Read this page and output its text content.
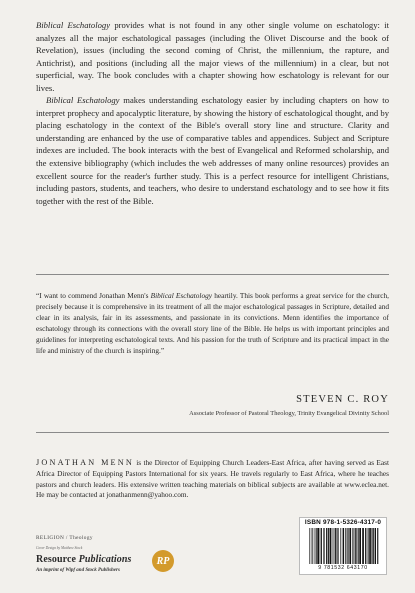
Biblical Eschatology provides what is not found in any other single volume on eschatology: it analyzes all the major eschatological passages (including the Olivet Discourse and the book of Revelation), issues (including the second coming of Christ, the millennium, the rapture, and Antichrist), and positions (including all the major views of the millennium) in a clear, but not superficial, way. The book concludes with a chapter showing how eschatology is relevant for our lives.

Biblical Eschatology makes understanding eschatology easier by including chapters on how to interpret prophecy and apocalyptic literature, by showing the history of eschatological thought, and by placing eschatology in the context of the Bible's overall story line and structure. Clarity and understanding are enhanced by the use of comparative tables and appendices. Subject and Scripture indexes are included. The book interacts with the best of Evangelical and Reformed scholarship, and the extensive bibliography (which includes the web addresses of many online resources) provides an excellent source for the reader's further study. This is a perfect resource for intelligent Christians, including pastors, students, and teachers, who desire to understand eschatology and to see how it fits together with the rest of the Bible.

“I want to commend Jonathan Menn's Biblical Eschatology heartily. This book performs a great service for the church, precisely because it is comprehensive in its treatment of all the major eschatological passages in Scripture, detailed and clear in its analysis, fair in its assessments, and passionate in its convictions. Menn identifies the importance of eschatology through its connections with the overall story line of the Bible. He helps us with important principles and guidelines for interpreting eschatological texts. And his passion for the truth of Scripture and its practical impact in the life and ministry of the church is inspiring.”

STEVEN C. ROY
Associate Professor of Pastoral Theology, Trinity Evangelical Divinity School

JONATHAN MENN is the Director of Equipping Church Leaders-East Africa, after having served as East Africa Director of Equipping Pastors International for six years. He travels regularly to East Africa, where he teaches pastors and church leaders. His extensive written teaching materials on biblical subjects are available at www.eclea.net. He may be contacted at jonathanmenn@yahoo.com.

RELIGION / Theology
Cover Design by Matthew Stock
Resource Publications
An imprint of Wipf and Stock Publishers
RP
ISBN 978-1-5326-4317-0
9 781532 643170
